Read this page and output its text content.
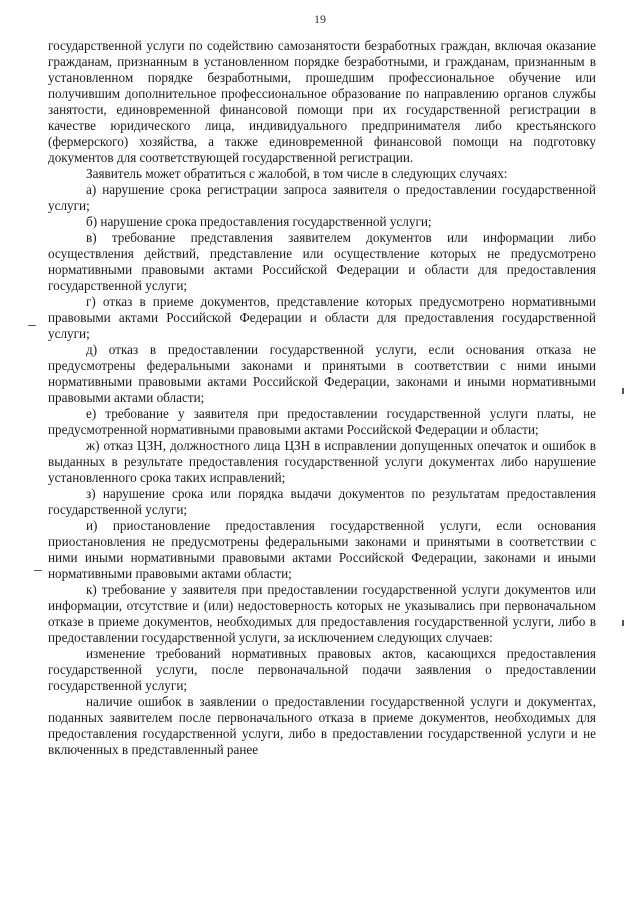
19

государственной услуги по содействию самозанятости безработных граждан, включая оказание гражданам, признанным в установленном порядке безработными, и гражданам, признанным в установленном порядке безработными, прошедшим профессиональное обучение или получившим дополнительное профессиональное образование по направлению органов службы занятости, единовременной финансовой помощи при их государственной регистрации в качестве юридического лица, индивидуального предпринимателя либо крестьянского (фермерского) хозяйства, а также единовременной финансовой помощи на подготовку документов для соответствующей государственной регистрации.

Заявитель может обратиться с жалобой, в том числе в следующих случаях:

а) нарушение срока регистрации запроса заявителя о предоставлении государственной услуги;

б) нарушение срока предоставления государственной услуги;

в) требование представления заявителем документов или информации либо осуществления действий, представление или осуществление которых не предусмотрено нормативными правовыми актами Российской Федерации и области для предоставления государственной услуги;

г) отказ в приеме документов, представление которых предусмотрено нормативными правовыми актами Российской Федерации и области для предоставления государственной услуги;

д) отказ в предоставлении государственной услуги, если основания отказа не предусмотрены федеральными законами и принятыми в соответствии с ними иными нормативными правовыми актами Российской Федерации, законами и иными нормативными правовыми актами области;

е) требование у заявителя при предоставлении государственной услуги платы, не предусмотренной нормативными правовыми актами Российской Федерации и области;

ж) отказ ЦЗН, должностного лица ЦЗН в исправлении допущенных опечаток и ошибок в выданных в результате предоставления государственной услуги документах либо нарушение установленного срока таких исправлений;

з) нарушение срока или порядка выдачи документов по результатам предоставления государственной услуги;

и) приостановление предоставления государственной услуги, если основания приостановления не предусмотрены федеральными законами и принятыми в соответствии с ними иными нормативными правовыми актами Российской Федерации, законами и иными нормативными правовыми актами области;

к) требование у заявителя при предоставлении государственной услуги документов или информации, отсутствие и (или) недостоверность которых не указывались при первоначальном отказе в приеме документов, необходимых для предоставления государственной услуги, либо в предоставлении государственной услуги, за исключением следующих случаев:

изменение требований нормативных правовых актов, касающихся предоставления государственной услуги, после первоначальной подачи заявления о предоставлении государственной услуги;

наличие ошибок в заявлении о предоставлении государственной услуги и документах, поданных заявителем после первоначального отказа в приеме документов, необходимых для предоставления государственной услуги, либо в предоставлении государственной услуги и не включенных в представленный ранее
